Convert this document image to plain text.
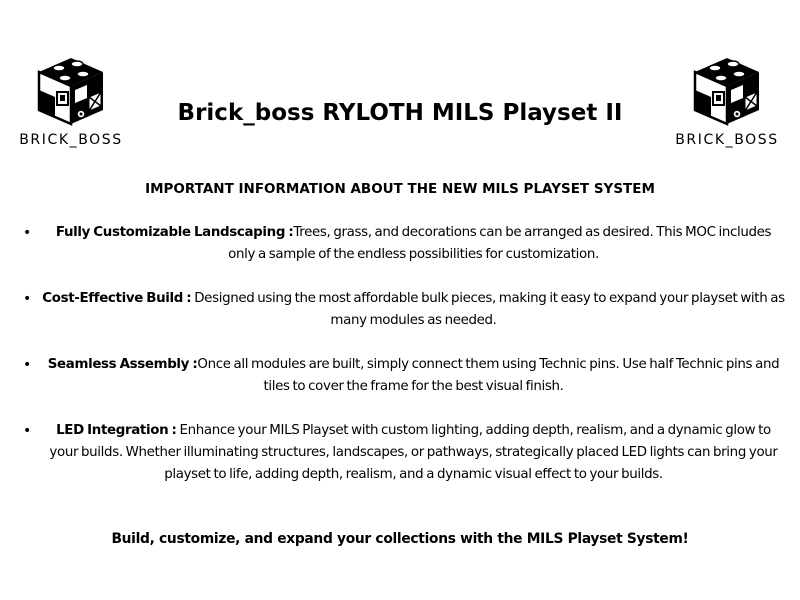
BRICK_BOSS	BRICK_BOSS
Brick_boss RYLOTH MILS Playset II
IMPORTANT INFORMATION ABOUT THE NEW MILS PLAYSET SYSTEM
• Fully Customizable Landscaping :Trees, grass, and decorations can be arranged as desired. This MOC includes only a sample of the endless possibilities for customization.
• Cost-Effective Build : Designed using the most affordable bulk pieces, making it easy to expand your playset with as many modules as needed.
• Seamless Assembly :Once all modules are built, simply connect them using Technic pins. Use half Technic pins and tiles to cover the frame for the best visual finish.
• LED Integration : Enhance your MILS Playset with custom lighting, adding depth, realism, and a dynamic glow to your builds. Whether illuminating structures, landscapes, or pathways, strategically placed LED lights can bring your playset to life, adding depth, realism, and a dynamic visual effect to your builds.

Build, customize, and expand your collections with the MILS Playset System!
